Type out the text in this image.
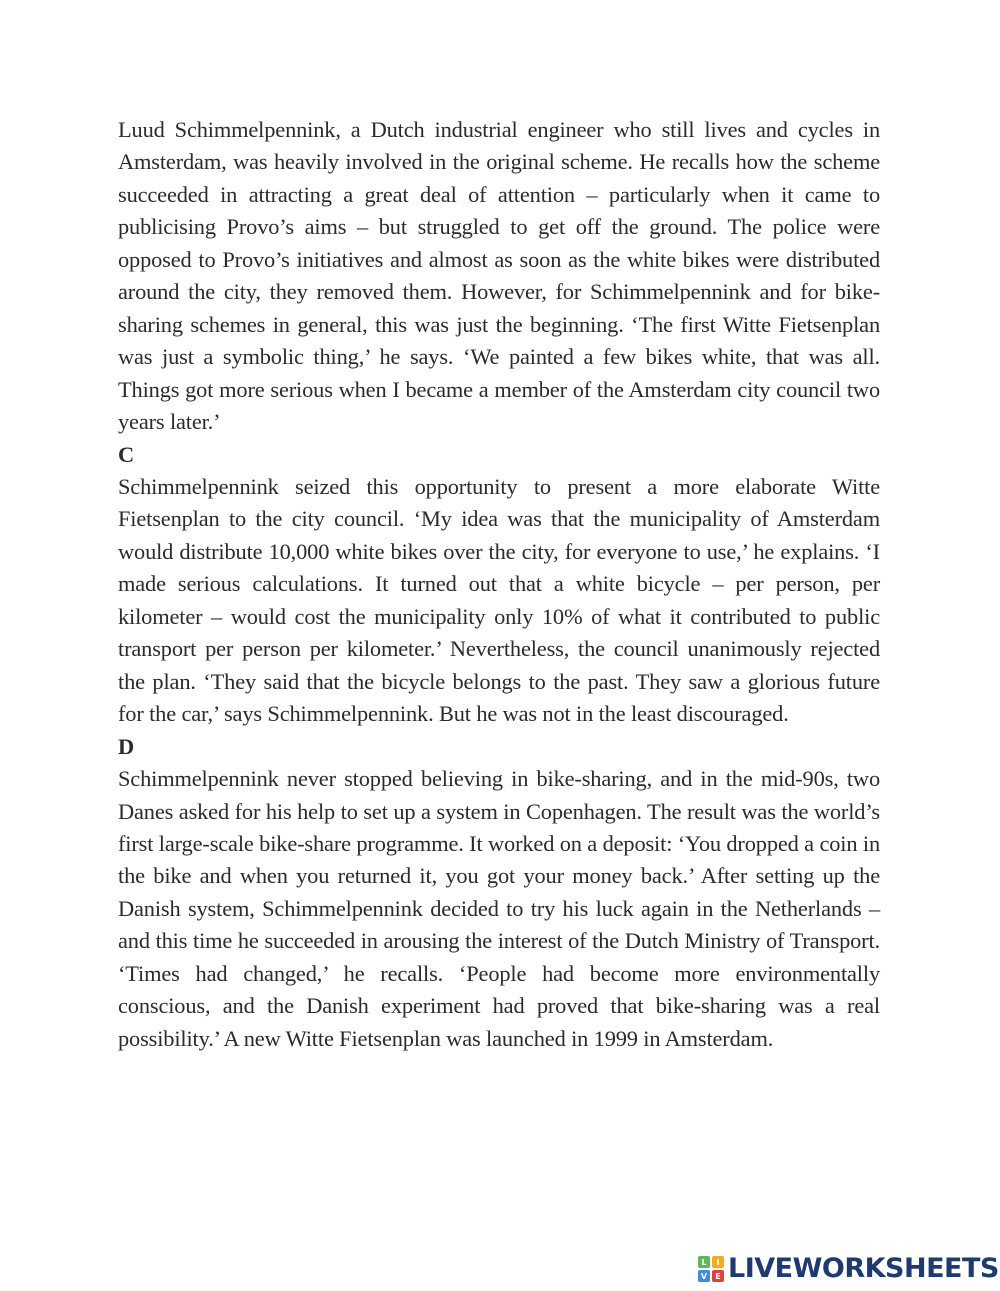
Luud Schimmelpennink, a Dutch industrial engineer who still lives and cycles in Amsterdam, was heavily involved in the original scheme. He recalls how the scheme succeeded in attracting a great deal of attention – particularly when it came to publicising Provo’s aims – but struggled to get off the ground. The police were opposed to Provo’s initiatives and almost as soon as the white bikes were distributed around the city, they removed them. However, for Schimmelpennink and for bike-sharing schemes in general, this was just the beginning. ‘The first Witte Fietsenplan was just a symbolic thing,’ he says. ‘We painted a few bikes white, that was all. Things got more serious when I became a member of the Amsterdam city council two years later.’

C

Schimmelpennink seized this opportunity to present a more elaborate Witte Fietsenplan to the city council. ‘My idea was that the municipality of Amsterdam would distribute 10,000 white bikes over the city, for everyone to use,’ he explains. ‘I made serious calculations. It turned out that a white bicycle – per person, per kilometer – would cost the municipality only 10% of what it contributed to public transport per person per kilometer.’ Nevertheless, the council unanimously rejected the plan. ‘They said that the bicycle belongs to the past. They saw a glorious future for the car,’ says Schimmelpennink. But he was not in the least discouraged.

D

Schimmelpennink never stopped believing in bike-sharing, and in the mid-90s, two Danes asked for his help to set up a system in Copenhagen. The result was the world’s first large-scale bike-share programme. It worked on a deposit: ‘You dropped a coin in the bike and when you returned it, you got your money back.’ After setting up the Danish system, Schimmelpennink decided to try his luck again in the Netherlands – and this time he succeeded in arousing the interest of the Dutch Ministry of Transport. ‘Times had changed,’ he recalls. ‘People had become more environmentally conscious, and the Danish experiment had proved that bike-sharing was a real possibility.’ A new Witte Fietsenplan was launched in 1999 in Amsterdam.

L	I
V	E LIVEWORKSHEETS
